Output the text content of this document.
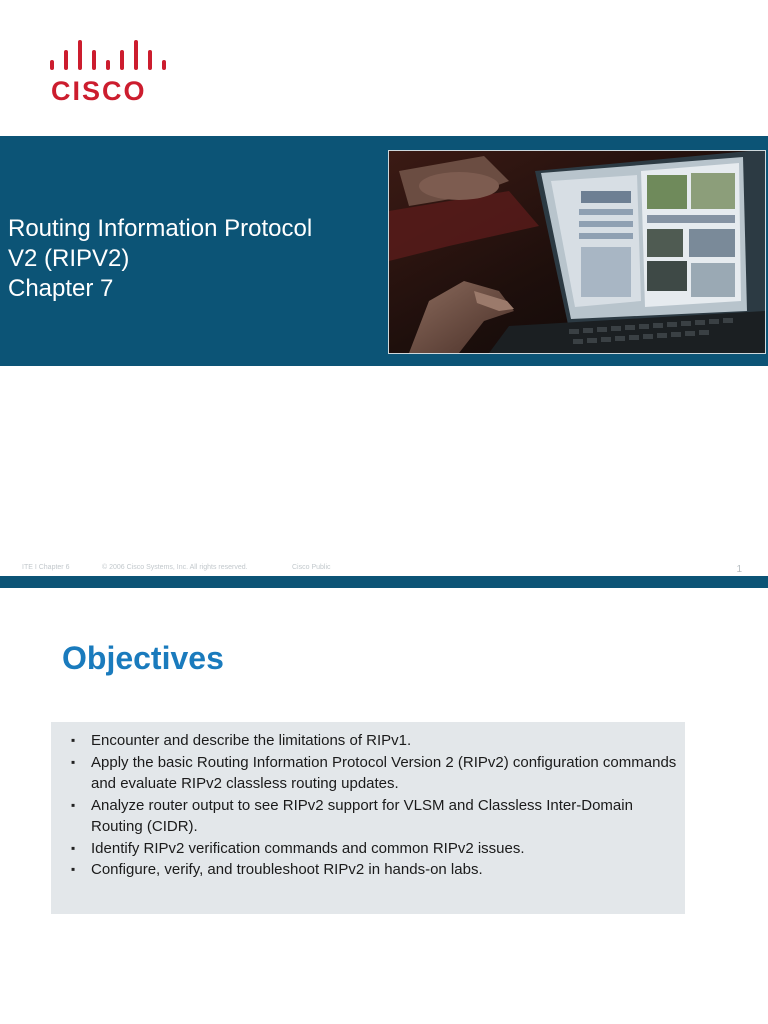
CISCO
Routing Information Protocol
V2 (RIPV2)
Chapter 7
ITE I Chapter 6	© 2006 Cisco Systems, Inc. All rights reserved.	Cisco Public	1
Objectives
▪ Encounter and describe the limitations of RIPv1.
▪ Apply the basic Routing Information Protocol Version 2 (RIPv2) configuration commands and evaluate RIPv2 classless routing updates.
▪ Analyze router output to see RIPv2 support for VLSM and Classless Inter-Domain Routing (CIDR).
▪ Identify RIPv2 verification commands and common RIPv2 issues.
▪ Configure, verify, and troubleshoot RIPv2 in hands-on labs.
